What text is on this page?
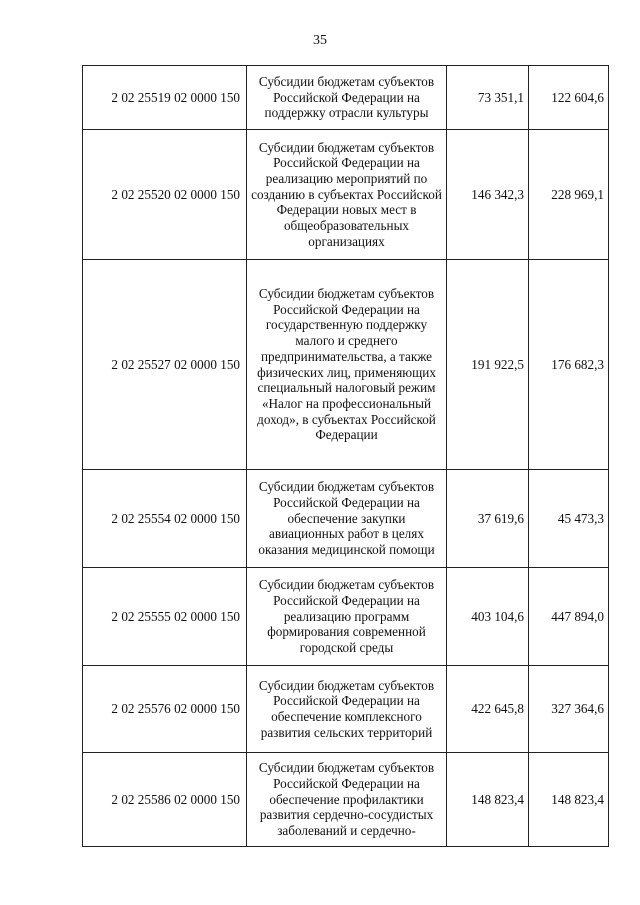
35
2 02 25519 02 0000 150	Субсидии бюджетам субъектов Российской Федерации на поддержку отрасли культуры	73 351,1	122 604,6
2 02 25520 02 0000 150	Субсидии бюджетам субъектов Российской Федерации на реализацию мероприятий по созданию в субъектах Российской Федерации новых мест в общеобразовательных организациях	146 342,3	228 969,1
2 02 25527 02 0000 150	Субсидии бюджетам субъектов Российской Федерации на государственную поддержку малого и среднего предпринимательства, а также физических лиц, применяющих специальный налоговый режим «Налог на профессиональный доход», в субъектах Российской Федерации	191 922,5	176 682,3
2 02 25554 02 0000 150	Субсидии бюджетам субъектов Российской Федерации на обеспечение закупки авиационных работ в целях оказания медицинской помощи	37 619,6	45 473,3
2 02 25555 02 0000 150	Субсидии бюджетам субъектов Российской Федерации на реализацию программ формирования современной городской среды	403 104,6	447 894,0
2 02 25576 02 0000 150	Субсидии бюджетам субъектов Российской Федерации на обеспечение комплексного развития сельских территорий	422 645,8	327 364,6
2 02 25586 02 0000 150	Субсидии бюджетам субъектов Российской Федерации на обеспечение профилактики развития сердечно-сосудистых заболеваний и сердечно-	148 823,4	148 823,4
